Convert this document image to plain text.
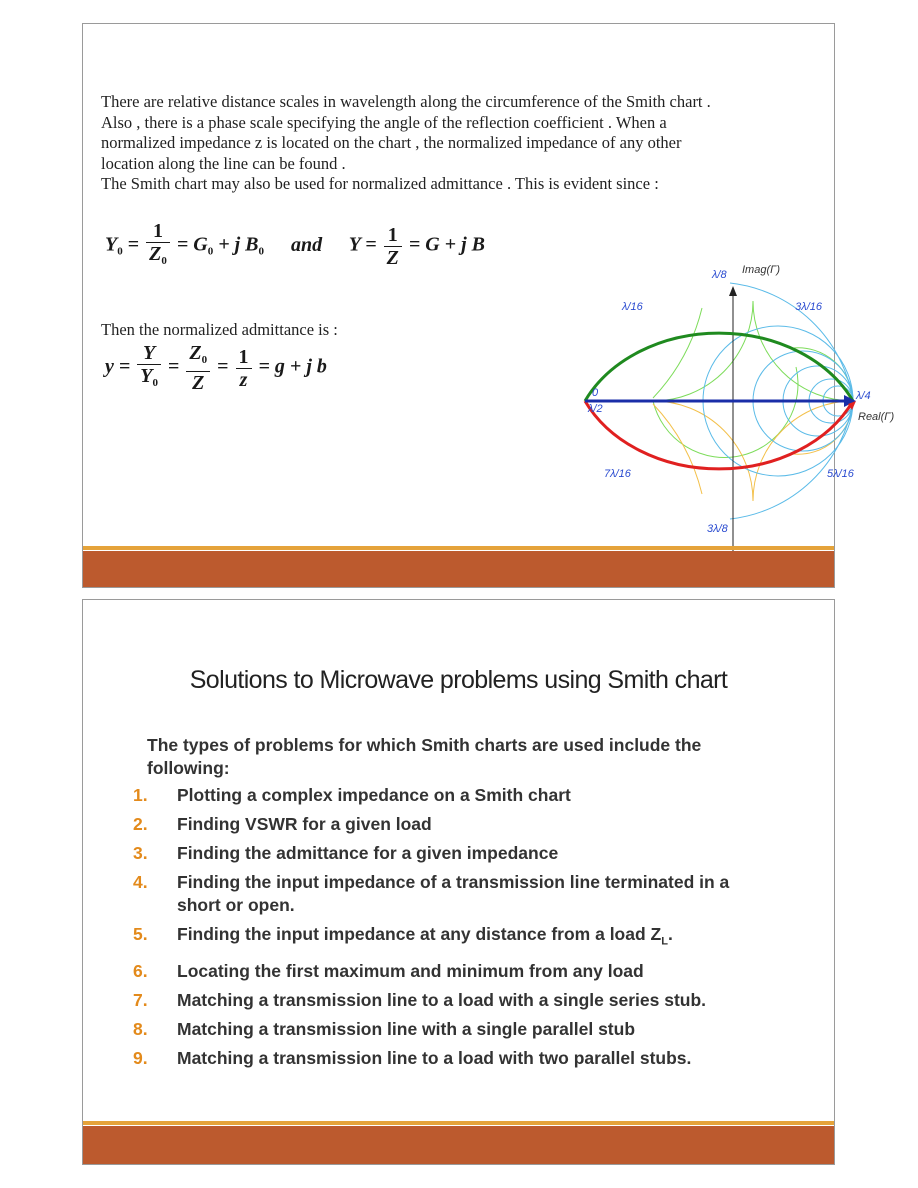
There are relative distance scales in wavelength along the circumference of the Smith chart .
Also , there is a phase scale specifying the angle of the reflection coefficient . When a
normalized impedance z is located on the chart , the normalized impedance of any other
location along the line can be found .
The Smith chart may also be used for normalized admittance . This is evident since :

$Y_0 = \frac{1}{Z_0} = G_0 + j$ $B_0$ and $Y = \frac{1}{Z} = G + j$ B
Then the normalized admittance is :
$y = \frac{Y}{Y_0} = \frac{Z_0}{Z} = \frac{1}{z} = g + j$ b
λ/8
λ/16	3λ/16
0
λ/2
λ/4
7λ/16	5λ/16
3λ/8
Imag(Γ)
Real(Γ)
Solutions to Microwave problems using Smith chart
The types of problems for which Smith charts are used include the
following:
1. Plotting a complex impedance on a Smith chart
2. Finding VSWR for a given load
3. Finding the admittance for a given impedance
4. Finding the input impedance of a transmission line terminated in a
short or open.
5. Finding the input impedance at any distance from a load $Z_L$.
6. Locating the first maximum and minimum from any load
7. Matching a transmission line to a load with a single series stub.
8. Matching a transmission line with a single parallel stub
9. Matching a transmission line to a load with two parallel stubs.
